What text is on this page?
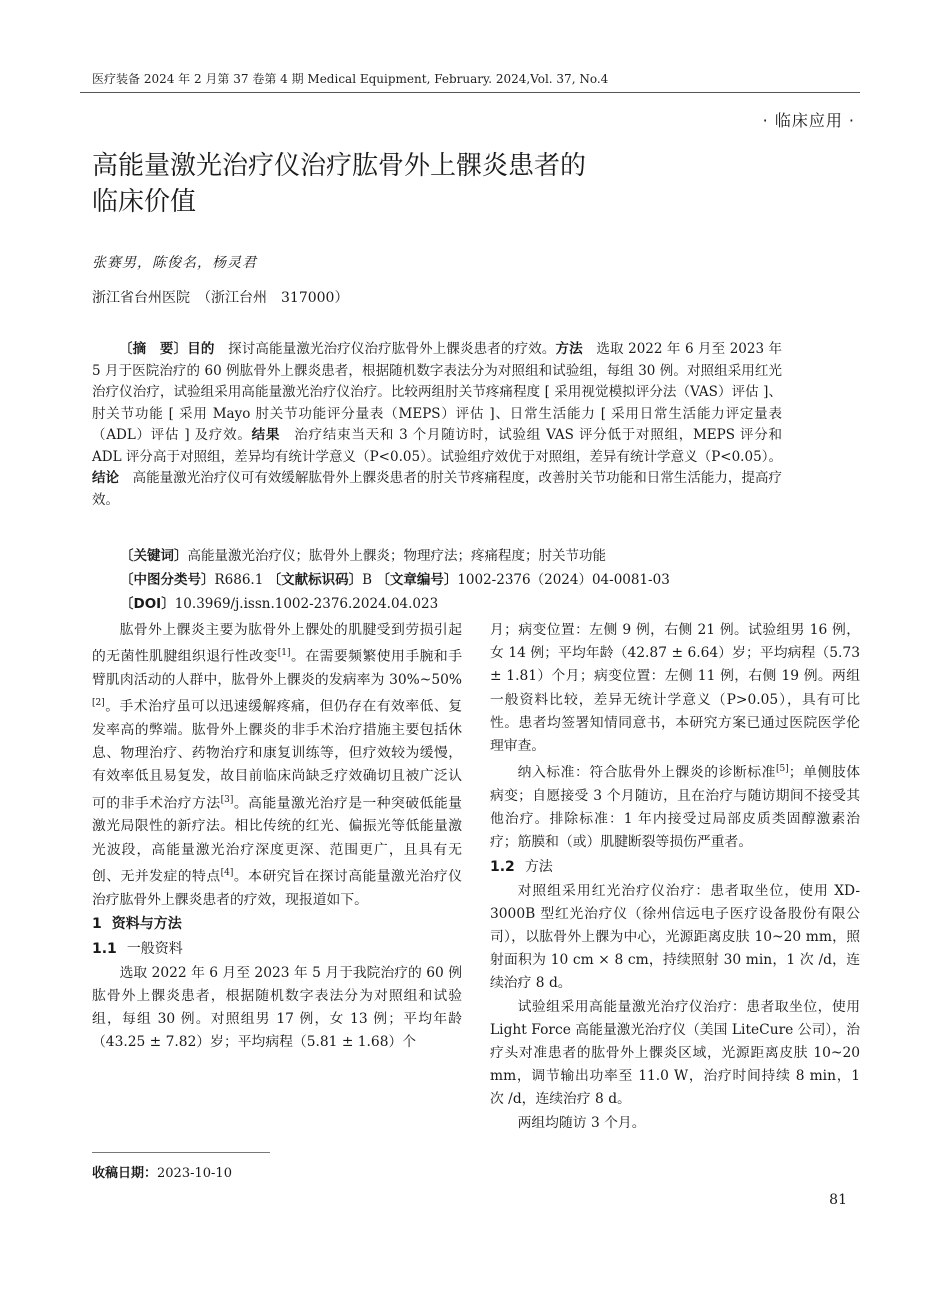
医疗装备 2024 年 2 月第 37 卷第 4 期 Medical Equipment, February. 2024,Vol. 37, No.4
· 临床应用 ·
高能量激光治疗仪治疗肱骨外上髁炎患者的
临床价值
张赛男，陈俊名，杨灵君
浙江省台州医院　（浙江台州　317000）

〔摘　要〕目的　 探讨高能量激光治疗仪治疗肱骨外上髁炎患者的疗效。方法　 选取 2022 年 6 月至 2023 年 5 月于医院治疗的 60 例肱骨外上髁炎患者，根据随机数字表法分为对照组和试验组，每组 30 例。对照组采用红光治疗仪治疗，试验组采用高能量激光治疗仪治疗。比较两组肘关节疼痛程度 [ 采用视觉模拟评分法（VAS）评估 ]、肘关节功能 [ 采用 Mayo 肘关节功能评分量表（MEPS）评估 ]、日常生活能力 [ 采用日常生活能力评定量表（ADL）评估 ] 及疗效。结果　 治疗结束当天和 3 个月随访时，试验组 VAS 评分低于对照组，MEPS 评分和 ADL 评分高于对照组，差异均有统计学意义（P<0.05）。试验组疗效优于对照组，差异有统计学意义（P<0.05）。结论　 高能量激光治疗仪可有效缓解肱骨外上髁炎患者的肘关节疼痛程度，改善肘关节功能和日常生活能力，提高疗效。

〔关键词〕高能量激光治疗仪；肱骨外上髁炎；物理疗法；疼痛程度；肘关节功能
〔中图分类号〕R686.1 〔文献标识码〕B 〔文章编号〕1002-2376（2024）04-0081-03
〔DOI〕10.3969/j.issn.1002-2376.2024.04.023

肱骨外上髁炎主要为肱骨外上髁处的肌腱受到劳损引起的无菌性肌腱组织退行性改变[1]。在需要频繁使用手腕和手臂肌肉活动的人群中，肱骨外上髁炎的发病率为 30%~50%[2]。手术治疗虽可以迅速缓解疼痛，但仍存在有效率低、复发率高的弊端。肱骨外上髁炎的非手术治疗措施主要包括休息、物理治疗、药物治疗和康复训练等，但疗效较为缓慢，有效率低且易复发，故目前临床尚缺乏疗效确切且被广泛认可的非手术治疗方法[3]。高能量激光治疗是一种突破低能量激光局限性的新疗法。相比传统的红光、偏振光等低能量激光波段，高能量激光治疗深度更深、范围更广，且具有无创、无并发症的特点[4]。本研究旨在探讨高能量激光治疗仪治疗肱骨外上髁炎患者的疗效，现报道如下。

1 资料与方法
1.1 一般资料

选取 2022 年 6 月至 2023 年 5 月于我院治疗的 60 例肱骨外上髁炎患者，根据随机数字表法分为对照组和试验组，每组 30 例。对照组男 17 例，女 13 例；平均年龄（43.25 ± 7.82）岁；平均病程（5.81 ± 1.68）个

月；病变位置：左侧 9 例，右侧 21 例。试验组男 16 例，女 14 例；平均年龄（42.87 ± 6.64）岁；平均病程（5.73 ± 1.81）个月；病变位置：左侧 11 例，右侧 19 例。两组一般资料比较，差异无统计学意义（P>0.05），具有可比性。患者均签署知情同意书，本研究方案已通过医院医学伦理审查。

纳入标准：符合肱骨外上髁炎的诊断标准[5]；单侧肢体病变；自愿接受 3 个月随访，且在治疗与随访期间不接受其他治疗。排除标准：1 年内接受过局部皮质类固醇激素治疗；筋膜和（或）肌腱断裂等损伤严重者。

1.2 方法

对照组采用红光治疗仪治疗：患者取坐位，使用 XD-3000B 型红光治疗仪（徐州信远电子医疗设备股份有限公司），以肱骨外上髁为中心，光源距离皮肤 10~20 mm，照射面积为 10 cm × 8 cm，持续照射 30 min，1 次 /d，连续治疗 8 d。

试验组采用高能量激光治疗仪治疗：患者取坐位，使用 Light Force 高能量激光治疗仪（美国 LiteCure 公司），治疗头对准患者的肱骨外上髁炎区域，光源距离皮肤 10~20 mm，调节输出功率至 11.0 W，治疗时间持续 8 min，1 次 /d，连续治疗 8 d。

两组均随访 3 个月。

收稿日期：2023-10-10
81
